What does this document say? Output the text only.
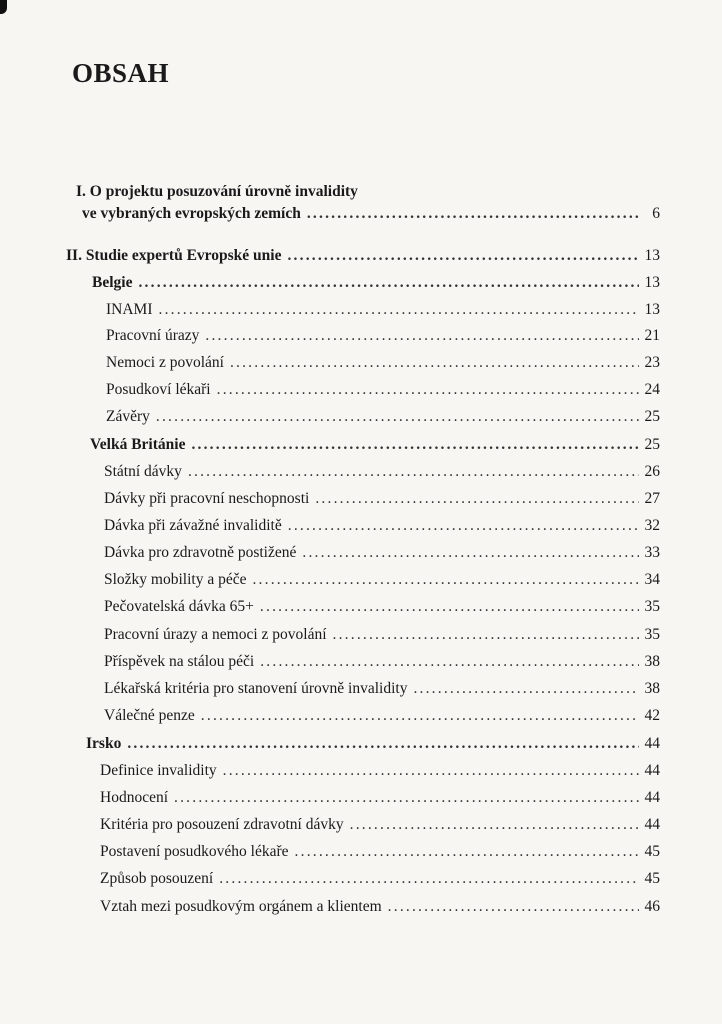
OBSAH
I. O projektu posuzování úrovně invalidity
ve vybraných evropských zemích .....	6
II. Studie expertů Evropské unie .....	13
Belgie .....	13
INAMI .....	13
Pracovní úrazy .....	21
Nemoci z povolání .....	23
Posudkoví lékaři .....	24
Závěry .....	25
Velká Británie .....	25
Státní dávky .....	26
Dávky při pracovní neschopnosti .....	27
Dávka při závažné invaliditě .....	32
Dávka pro zdravotně postižené .....	33
Složky mobility a péče .....	34
Pečovatelská dávka 65+ .....	35
Pracovní úrazy a nemoci z povolání .....	35
Příspěvek na stálou péči .....	38
Lékařská kritéria pro stanovení úrovně invalidity .....	38
Válečné penze .....	42
Irsko .....	44
Definice invalidity .....	44
Hodnocení .....	44
Kritéria pro posouzení zdravotní dávky .....	44
Postavení posudkového lékaře .....	45
Způsob posouzení .....	45
Vztah mezi posudkovým orgánem a klientem .....	46
